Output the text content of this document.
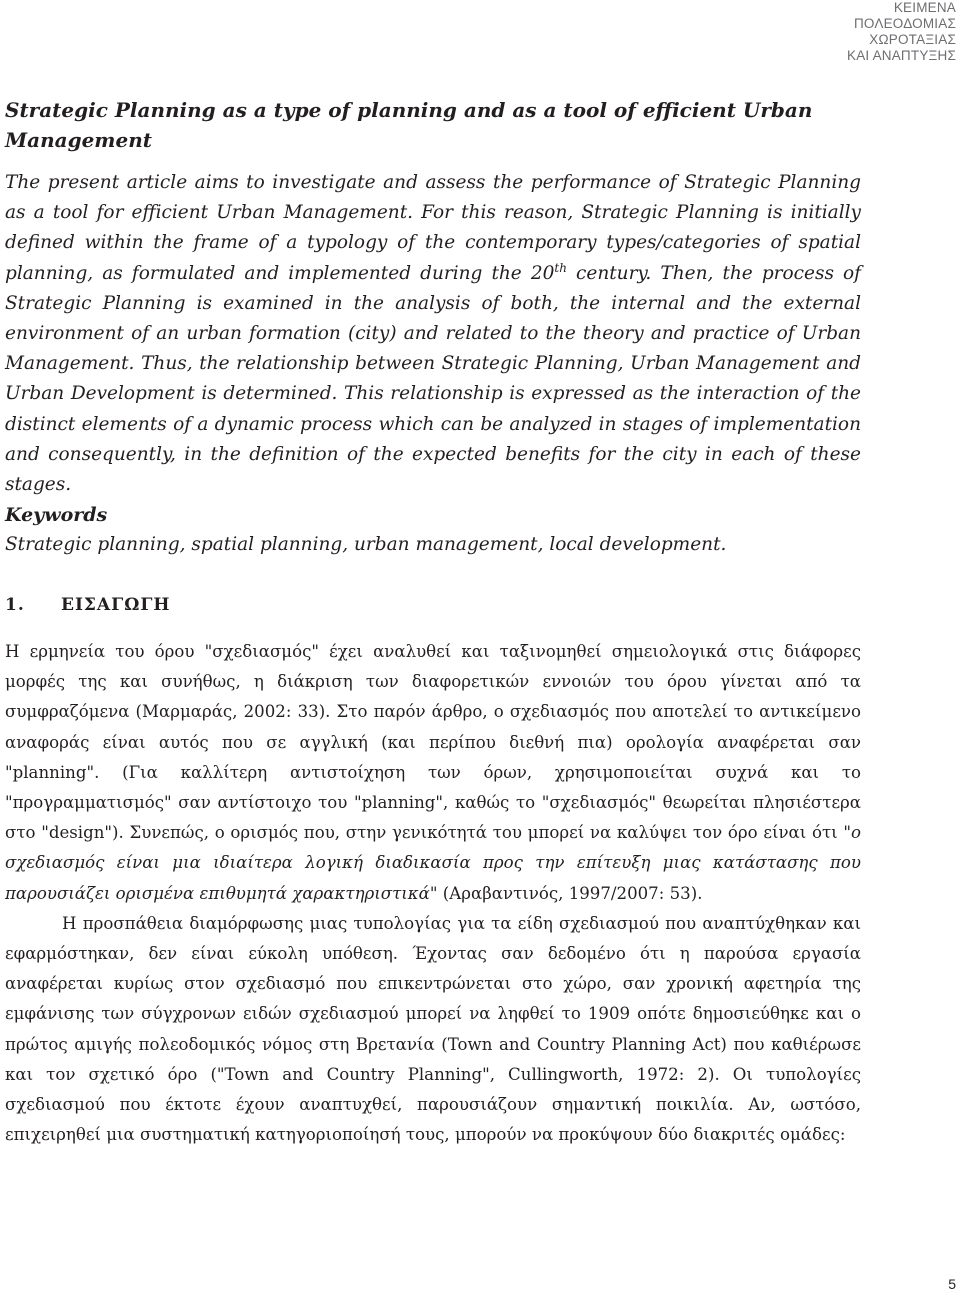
ΚΕΙΜΕΝΑ
ΠΟΛΕΟΔΟΜΙΑΣ
ΧΩΡΟΤΑΞΙΑΣ
ΚΑΙ ΑΝΑΠΤΥΞΗΣ
Strategic Planning as a type of planning and as a tool of efficient Urban Management

The present article aims to investigate and assess the performance of Strategic Planning as a tool for efficient Urban Management. For this reason, Strategic Planning is initially defined within the frame of a typology of the contemporary types/categories of spatial planning, as formulated and implemented during the 20th century. Then, the process of Strategic Planning is examined in the analysis of both, the internal and the external environment of an urban formation (city) and related to the theory and practice of Urban Management. Thus, the relationship between Strategic Planning, Urban Management and Urban Development is determined. This relationship is expressed as the interaction of the distinct elements of a dynamic process which can be analyzed in stages of implementation and consequently, in the definition of the expected benefits for the city in each of these stages.

Keywords

Strategic planning, spatial planning, urban management, local development.

1. ΕΙΣΑΓΩΓΗ

Η ερμηνεία του όρου "σχεδιασμός" έχει αναλυθεί και ταξινομηθεί σημειολογικά στις διάφορες μορφές της και συνήθως, η διάκριση των διαφορετικών εννοιών του όρου γίνεται από τα συμφραζόμενα (Μαρμαράς, 2002: 33). Στο παρόν άρθρο, ο σχεδιασμός που αποτελεί το αντικείμενο αναφοράς είναι αυτός που σε αγγλική (και περίπου διεθνή πια) ορολογία αναφέρεται σαν "planning". (Για καλλίτερη αντιστοίχηση των όρων, χρησιμοποιείται συχνά και το "προγραμματισμός" σαν αντίστοιχο του "planning", καθώς το "σχεδιασμός" θεωρείται πλησιέστερα στο "design"). Συνεπώς, ο ορισμός που, στην γενικότητά του μπορεί να καλύψει τον όρο είναι ότι "ο σχεδιασμός είναι μια ιδιαίτερα λογική διαδικασία προς την επίτευξη μιας κατάστασης που παρουσιάζει ορισμένα επιθυμητά χαρακτηριστικά" (Αραβαντινός, 1997/2007: 53).

Η προσπάθεια διαμόρφωσης μιας τυπολογίας για τα είδη σχεδιασμού που αναπτύχθηκαν και εφαρμόστηκαν, δεν είναι εύκολη υπόθεση. Έχοντας σαν δεδομένο ότι η παρούσα εργασία αναφέρεται κυρίως στον σχεδιασμό που επικεντρώνεται στο χώρο, σαν χρονική αφετηρία της εμφάνισης των σύγχρονων ειδών σχεδιασμού μπορεί να ληφθεί το 1909 οπότε δημοσιεύθηκε και ο πρώτος αμιγής πολεοδομικός νόμος στη Βρετανία (Town and Country Planning Act) που καθιέρωσε και τον σχετικό όρο ("Town and Country Planning", Cullingworth, 1972: 2). Οι τυπολογίες σχεδιασμού που έκτοτε έχουν αναπτυχθεί, παρουσιάζουν σημαντική ποικιλία. Αν, ωστόσο, επιχειρηθεί μια συστηματική κατηγοριοποίησή τους, μπορούν να προκύψουν δύο διακριτές ομάδες:

5
